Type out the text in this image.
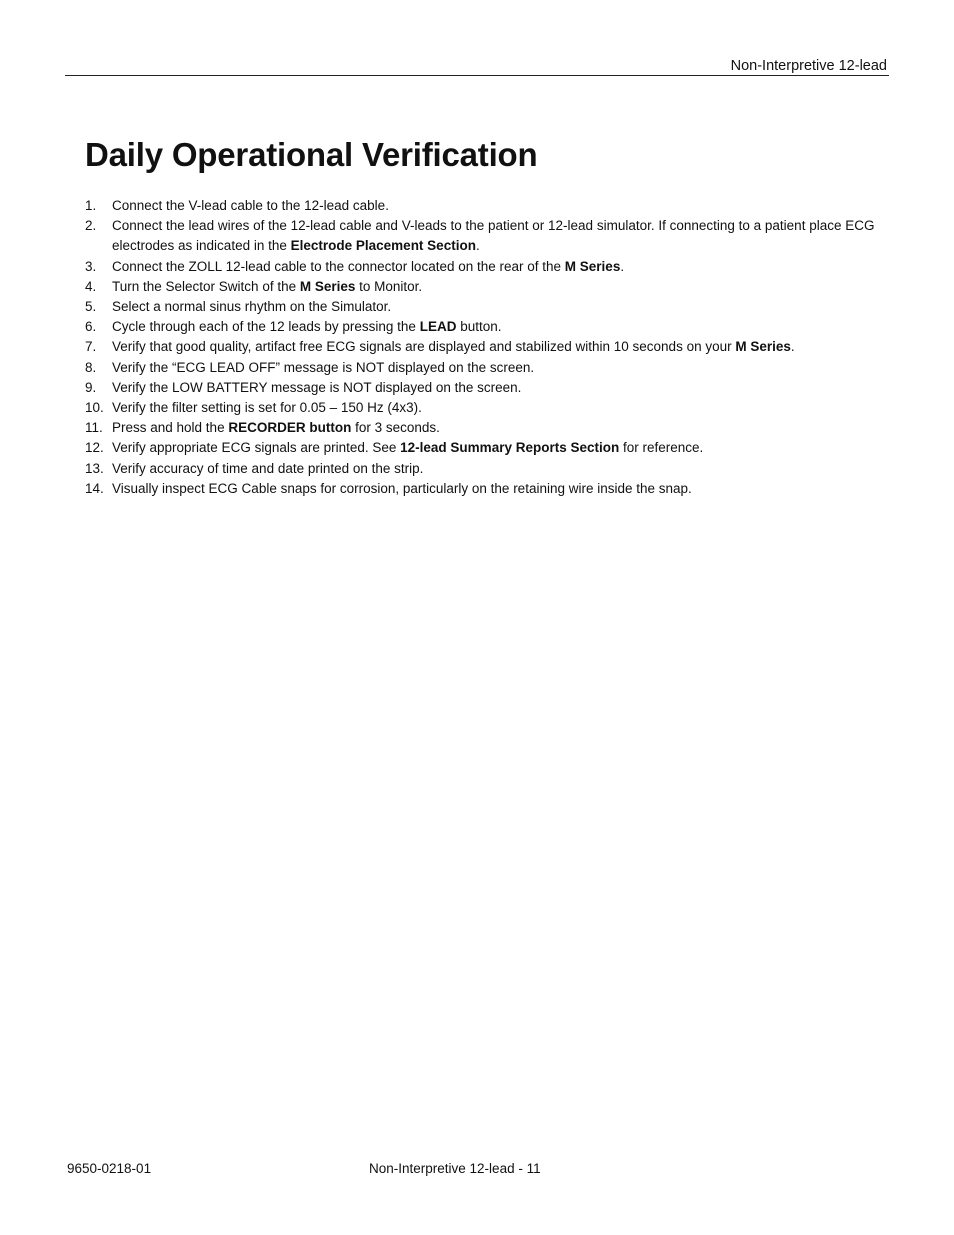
Non-Interpretive 12-lead
Daily Operational Verification
1.	Connect the V-lead cable to the 12-lead cable.
2.	Connect the lead wires of the 12-lead cable and V-leads to the patient or 12-lead simulator. If connecting to a patient place ECG electrodes as indicated in the Electrode Placement Section.
3.	Connect the ZOLL 12-lead cable to the connector located on the rear of the M Series.
4.	Turn the Selector Switch of the M Series to Monitor.
5.	Select a normal sinus rhythm on the Simulator.
6.	Cycle through each of the 12 leads by pressing the LEAD button.
7.	Verify that good quality, artifact free ECG signals are displayed and stabilized within 10 seconds on your M Series.
8.	Verify the “ECG LEAD OFF” message is NOT displayed on the screen.
9.	Verify the LOW BATTERY message is NOT displayed on the screen.
10. Verify the filter setting is set for 0.05 – 150 Hz (4x3).
11. Press and hold the RECORDER button for 3 seconds.
12. Verify appropriate ECG signals are printed. See 12-lead Summary Reports Section for reference.
13. Verify accuracy of time and date printed on the strip.
14. Visually inspect ECG Cable snaps for corrosion, particularly on the retaining wire inside the snap.
9650-0218-01	Non-Interpretive 12-lead - 11
